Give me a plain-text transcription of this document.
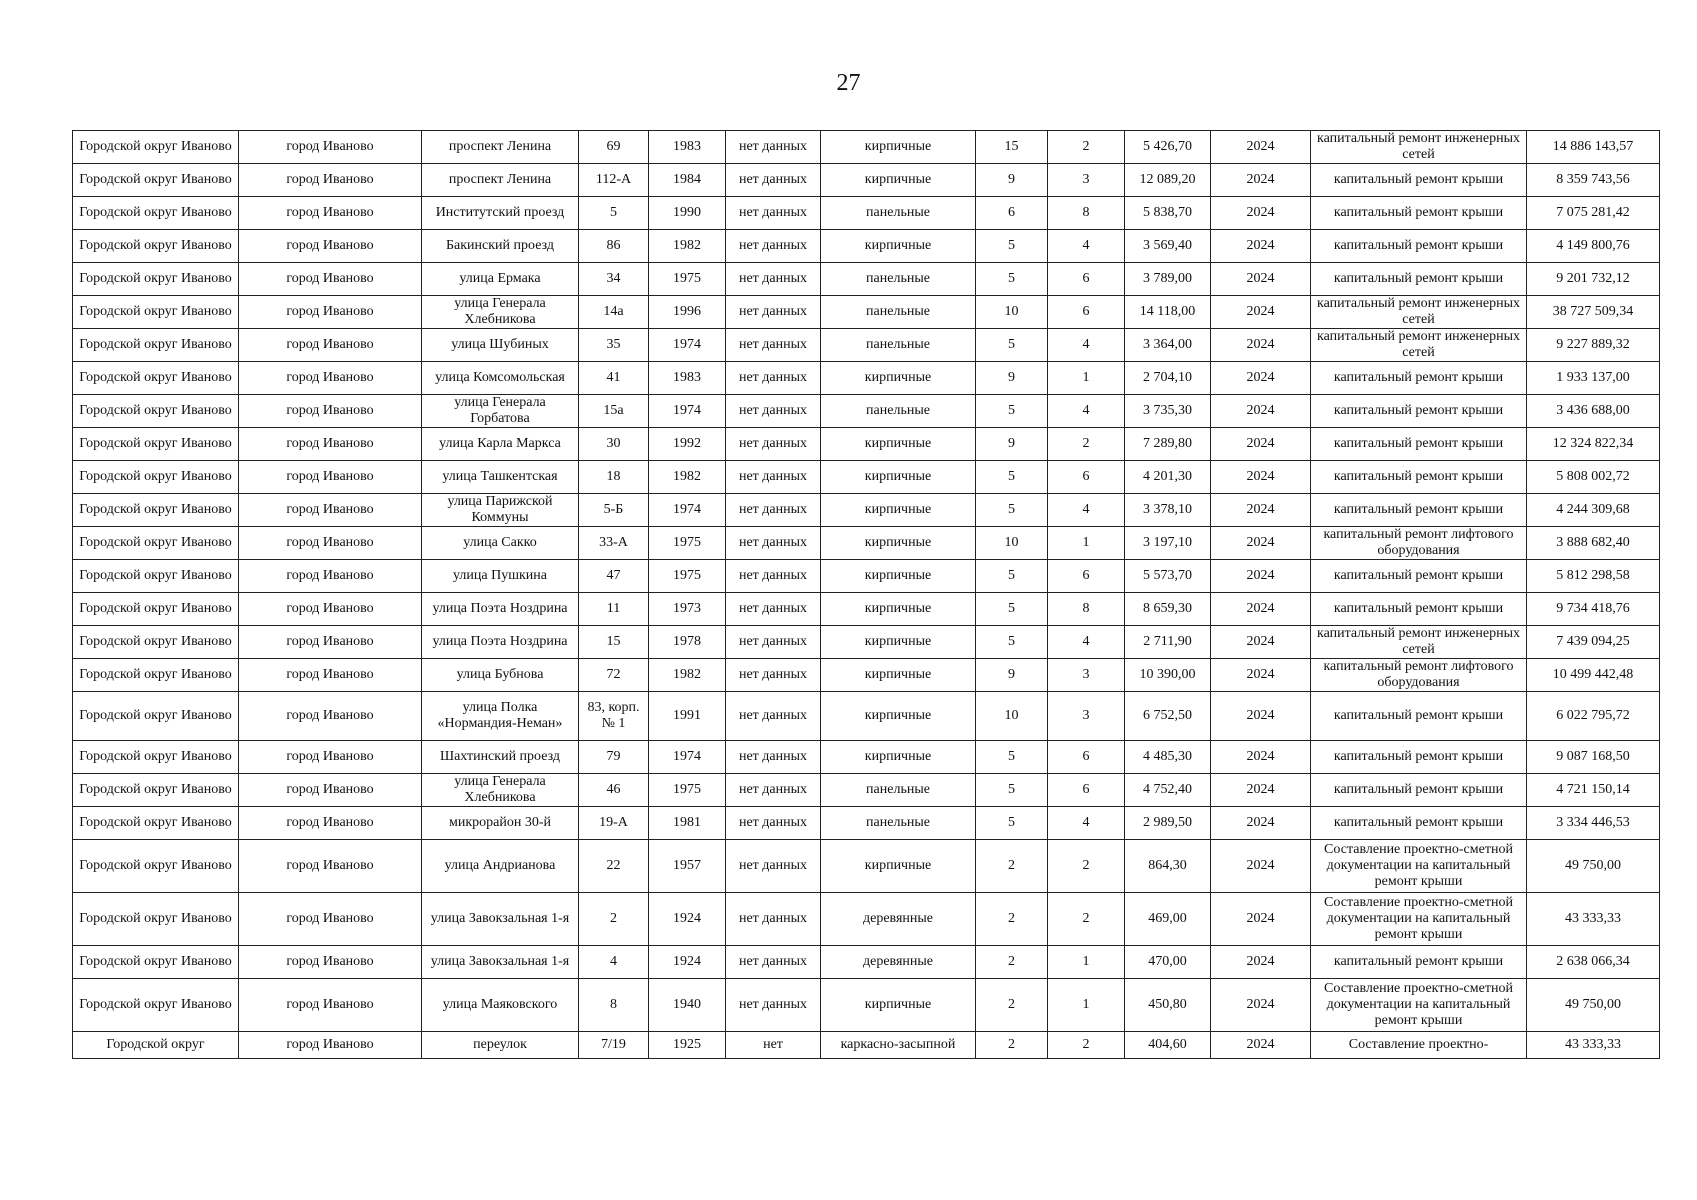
27
Городской округ Иваново	город Иваново	проспект Ленина	69	1983	нет данных	кирпичные	15	2	5 426,70	2024	капитальный ремонт инженерных сетей	14 886 143,57
Городской округ Иваново	город Иваново	проспект Ленина	112-А	1984	нет данных	кирпичные	9	3	12 089,20	2024	капитальный ремонт крыши	8 359 743,56
Городской округ Иваново	город Иваново	Институтский проезд	5	1990	нет данных	панельные	6	8	5 838,70	2024	капитальный ремонт крыши	7 075 281,42
Городской округ Иваново	город Иваново	Бакинский проезд	86	1982	нет данных	кирпичные	5	4	3 569,40	2024	капитальный ремонт крыши	4 149 800,76
Городской округ Иваново	город Иваново	улица Ермака	34	1975	нет данных	панельные	5	6	3 789,00	2024	капитальный ремонт крыши	9 201 732,12
Городской округ Иваново	город Иваново	улица Генерала Хлебникова	14а	1996	нет данных	панельные	10	6	14 118,00	2024	капитальный ремонт инженерных сетей	38 727 509,34
Городской округ Иваново	город Иваново	улица Шубиных	35	1974	нет данных	панельные	5	4	3 364,00	2024	капитальный ремонт инженерных сетей	9 227 889,32
Городской округ Иваново	город Иваново	улица Комсомольская	41	1983	нет данных	кирпичные	9	1	2 704,10	2024	капитальный ремонт крыши	1 933 137,00
Городской округ Иваново	город Иваново	улица Генерала Горбатова	15а	1974	нет данных	панельные	5	4	3 735,30	2024	капитальный ремонт крыши	3 436 688,00
Городской округ Иваново	город Иваново	улица Карла Маркса	30	1992	нет данных	кирпичные	9	2	7 289,80	2024	капитальный ремонт крыши	12 324 822,34
Городской округ Иваново	город Иваново	улица Ташкентская	18	1982	нет данных	кирпичные	5	6	4 201,30	2024	капитальный ремонт крыши	5 808 002,72
Городской округ Иваново	город Иваново	улица Парижской Коммуны	5-Б	1974	нет данных	кирпичные	5	4	3 378,10	2024	капитальный ремонт крыши	4 244 309,68
Городской округ Иваново	город Иваново	улица Сакко	33-А	1975	нет данных	кирпичные	10	1	3 197,10	2024	капитальный ремонт лифтового оборудования	3 888 682,40
Городской округ Иваново	город Иваново	улица Пушкина	47	1975	нет данных	кирпичные	5	6	5 573,70	2024	капитальный ремонт крыши	5 812 298,58
Городской округ Иваново	город Иваново	улица Поэта Ноздрина	11	1973	нет данных	кирпичные	5	8	8 659,30	2024	капитальный ремонт крыши	9 734 418,76
Городской округ Иваново	город Иваново	улица Поэта Ноздрина	15	1978	нет данных	кирпичные	5	4	2 711,90	2024	капитальный ремонт инженерных сетей	7 439 094,25
Городской округ Иваново	город Иваново	улица Бубнова	72	1982	нет данных	кирпичные	9	3	10 390,00	2024	капитальный ремонт лифтового оборудования	10 499 442,48
Городской округ Иваново	город Иваново	улица Полка «Нормандия-Неман»	83, корп. № 1	1991	нет данных	кирпичные	10	3	6 752,50	2024	капитальный ремонт крыши	6 022 795,72
Городской округ Иваново	город Иваново	Шахтинский проезд	79	1974	нет данных	кирпичные	5	6	4 485,30	2024	капитальный ремонт крыши	9 087 168,50
Городской округ Иваново	город Иваново	улица Генерала Хлебникова	46	1975	нет данных	панельные	5	6	4 752,40	2024	капитальный ремонт крыши	4 721 150,14
Городской округ Иваново	город Иваново	микрорайон 30-й	19-А	1981	нет данных	панельные	5	4	2 989,50	2024	капитальный ремонт крыши	3 334 446,53
Городской округ Иваново	город Иваново	улица Андрианова	22	1957	нет данных	кирпичные	2	2	864,30	2024	Составление проектно-сметной документации на капитальный ремонт крыши	49 750,00
Городской округ Иваново	город Иваново	улица Завокзальная 1-я	2	1924	нет данных	деревянные	2	2	469,00	2024	Составление проектно-сметной документации на капитальный ремонт крыши	43 333,33
Городской округ Иваново	город Иваново	улица Завокзальная 1-я	4	1924	нет данных	деревянные	2	1	470,00	2024	капитальный ремонт крыши	2 638 066,34
Городской округ Иваново	город Иваново	улица Маяковского	8	1940	нет данных	кирпичные	2	1	450,80	2024	Составление проектно-сметной документации на капитальный ремонт крыши	49 750,00
Городской округ	город Иваново	переулок	7/19	1925	нет	каркасно-засыпной	2	2	404,60	2024	Составление проектно-	43 333,33
